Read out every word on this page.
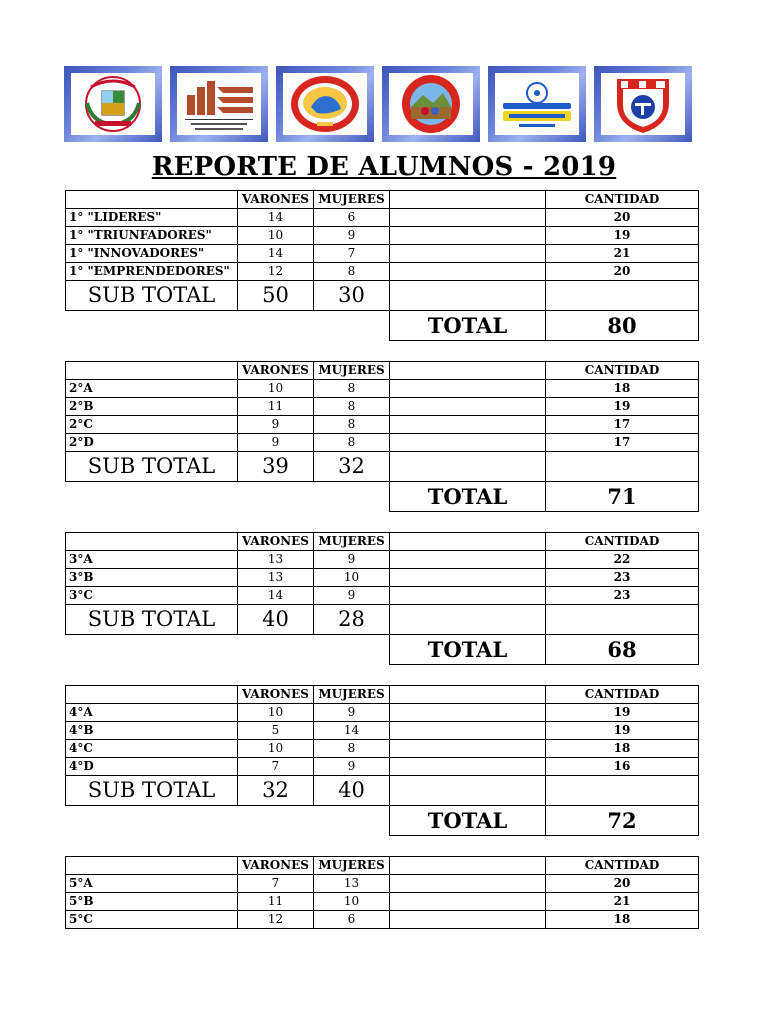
REPORTE DE ALUMNOS - 2019
	VARONES	MUJERES		CANTIDAD
1° "LIDERES"	14	6		20
1° "TRIUNFADORES"	10	9		19
1° "INNOVADORES"	14	7		21
1° "EMPRENDEDORES"	12	8		20
SUB TOTAL	50	30		
			TOTAL	80
	VARONES	MUJERES		CANTIDAD
2°A	10	8		18
2°B	11	8		19
2°C	9	8		17
2°D	9	8		17
SUB TOTAL	39	32		
			TOTAL	71
	VARONES	MUJERES		CANTIDAD
3°A	13	9		22
3°B	13	10		23
3°C	14	9		23
SUB TOTAL	40	28		
			TOTAL	68
	VARONES	MUJERES		CANTIDAD
4°A	10	9		19
4°B	5	14		19
4°C	10	8		18
4°D	7	9		16
SUB TOTAL	32	40		
			TOTAL	72
	VARONES	MUJERES		CANTIDAD
5°A	7	13		20
5°B	11	10		21
5°C	12	6		18
